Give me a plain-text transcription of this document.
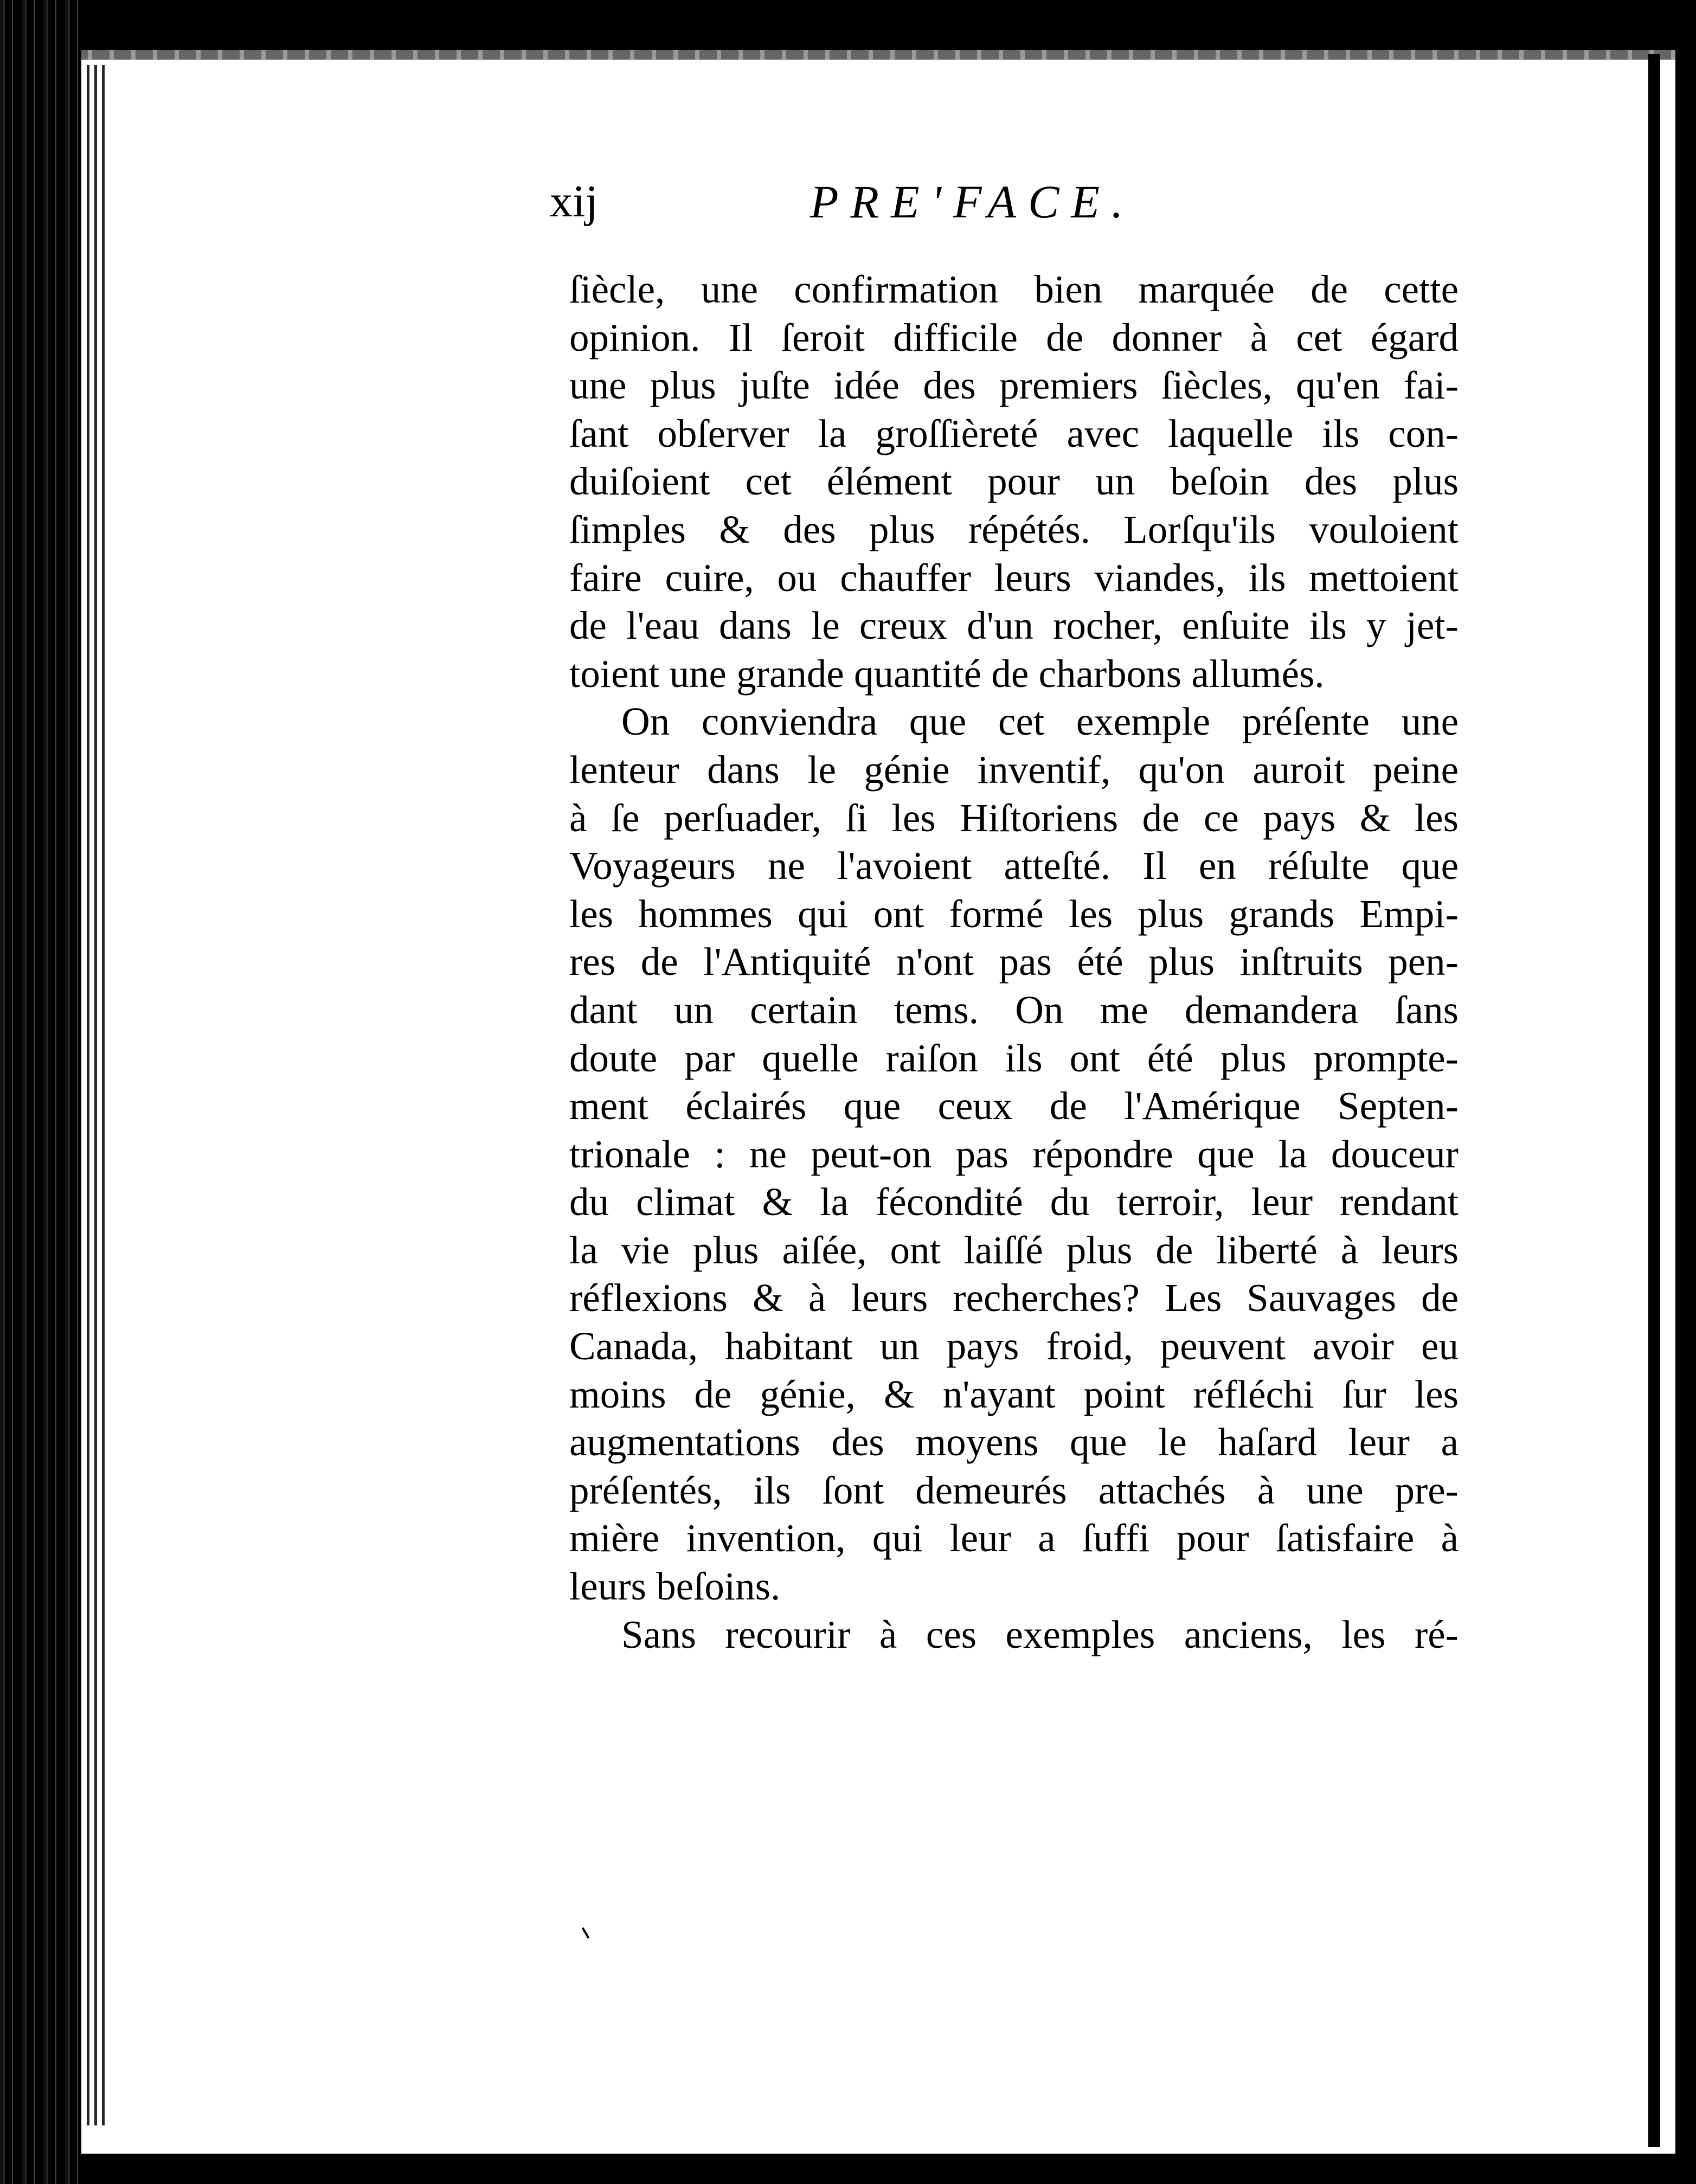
xij	PRE'FACE.
ſiècle, une confirmation bien marquée de cette
opinion. Il ſeroit difficile de donner à cet égard
une plus juſte idée des premiers ſiècles, qu'en fai-
ſant obſerver la groſſièreté avec laquelle ils con-
duiſoient cet élément pour un beſoin des plus
ſimples & des plus répétés. Lorſqu'ils vouloient
faire cuire, ou chauffer leurs viandes, ils mettoient
de l'eau dans le creux d'un rocher, enſuite ils y jet-
toient une grande quantité de charbons allumés.
On conviendra que cet exemple préſente une
lenteur dans le génie inventif, qu'on auroit peine
à ſe perſuader, ſi les Hiſtoriens de ce pays & les
Voyageurs ne l'avoient atteſté. Il en réſulte que
les hommes qui ont formé les plus grands Empi-
res de l'Antiquité n'ont pas été plus inſtruits pen-
dant un certain tems. On me demandera ſans
doute par quelle raiſon ils ont été plus prompte-
ment éclairés que ceux de l'Amérique Septen-
trionale : ne peut-on pas répondre que la douceur
du climat & la fécondité du terroir, leur rendant
la vie plus aiſée, ont laiſſé plus de liberté à leurs
réflexions & à leurs recherches? Les Sauvages de
Canada, habitant un pays froid, peuvent avoir eu
moins de génie, & n'ayant point réfléchi ſur les
augmentations des moyens que le haſard leur a
préſentés, ils ſont demeurés attachés à une pre-
mière invention, qui leur a ſuffi pour ſatisfaire à
leurs beſoins.
Sans recourir à ces exemples anciens, les ré-
